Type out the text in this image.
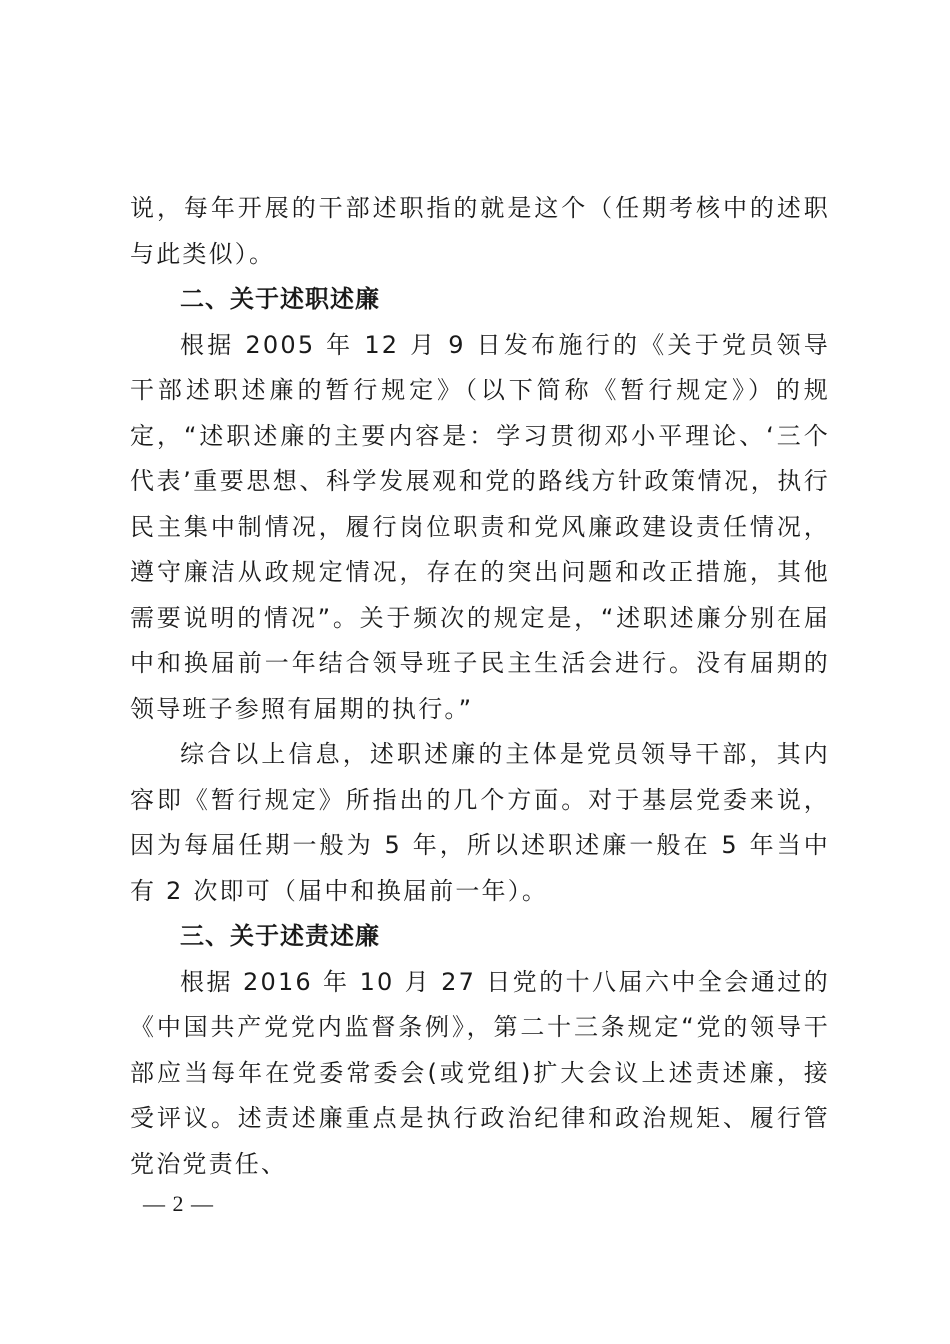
说，每年开展的干部述职指的就是这个（任期考核中的述职与此类似）。

二、关于述职述廉

根据 2005 年 12 月 9 日发布施行的《关于党员领导干部述职述廉的暂行规定》（以下简称《暂行规定》）的规定，“述职述廉的主要内容是：学习贯彻邓小平理论、‘三个代表’重要思想、科学发展观和党的路线方针政策情况，执行民主集中制情况，履行岗位职责和党风廉政建设责任情况，遵守廉洁从政规定情况，存在的突出问题和改正措施，其他需要说明的情况”。关于频次的规定是，“述职述廉分别在届中和换届前一年结合领导班子民主生活会进行。没有届期的领导班子参照有届期的执行。”

综合以上信息，述职述廉的主体是党员领导干部，其内容即《暂行规定》所指出的几个方面。对于基层党委来说，因为每届任期一般为 5 年，所以述职述廉一般在 5 年当中有 2 次即可（届中和换届前一年）。

三、关于述责述廉

根据 2016 年 10 月 27 日党的十八届六中全会通过的《中国共产党党内监督条例》，第二十三条规定“党的领导干部应当每年在党委常委会(或党组)扩大会议上述责述廉，接受评议。述责述廉重点是执行政治纪律和政治规矩、履行管党治党责任、

— 2 —
